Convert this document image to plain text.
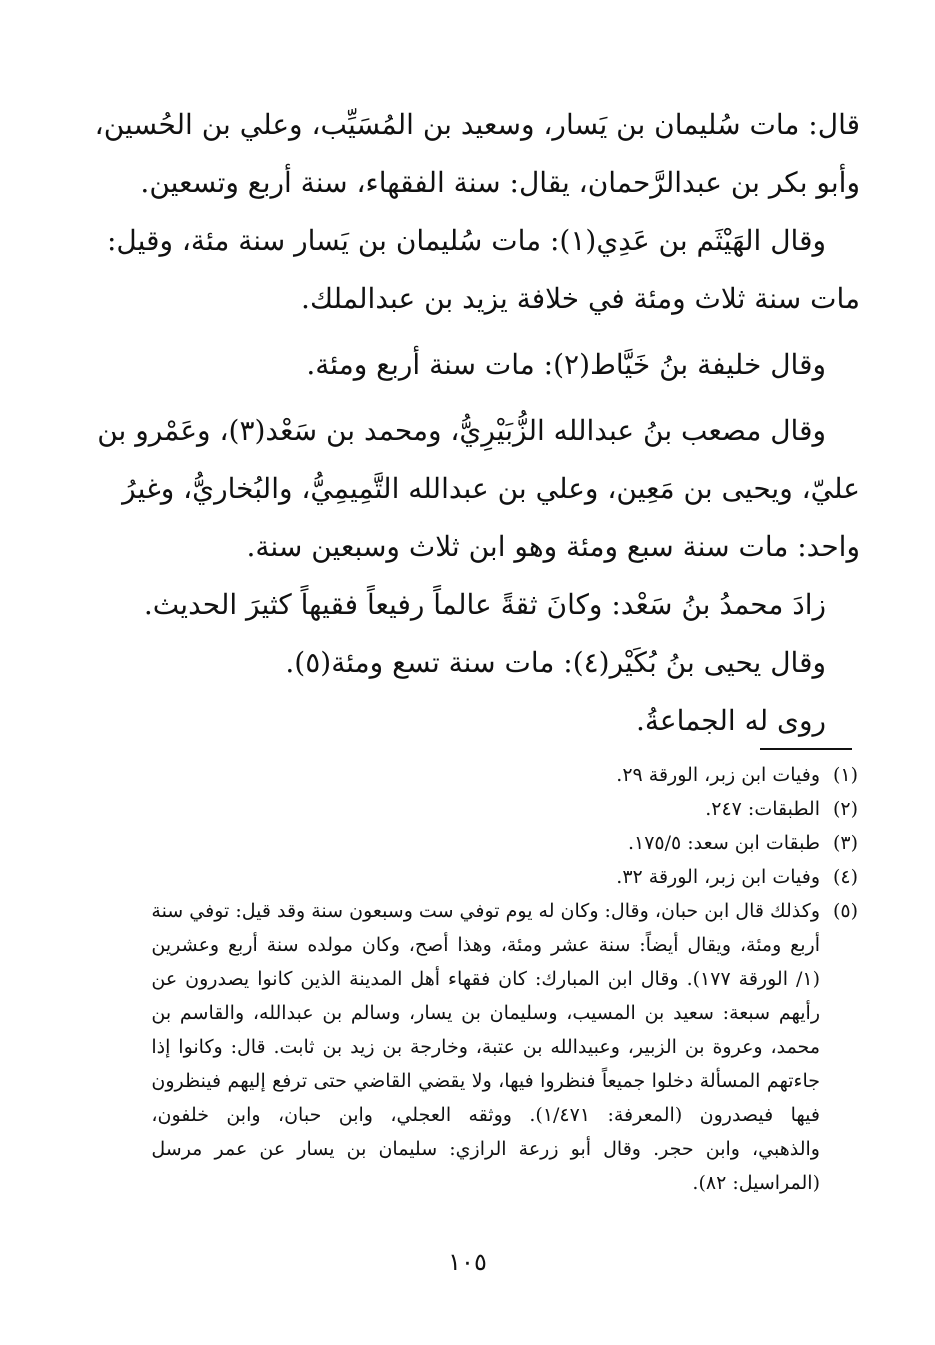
قال: مات سُليمان بن يَسار، وسعيد بن المُسَيِّب، وعلي بن الحُسين،
وأبو بكر بن عبدالرَّحمان، يقال: سنة الفقهاء، سنة أربع وتسعين.
وقال الهَيْثَم بن عَدِي(١): مات سُليمان بن يَسار سنة مئة، وقيل:
مات سنة ثلاث ومئة في خلافة يزيد بن عبدالملك.
وقال خليفة بنُ خَيَّاط(٢): مات سنة أربع ومئة.
وقال مصعب بنُ عبدالله الزُّبَيْرِيُّ، ومحمد بن سَعْد(٣)، وعَمْرو بن
عليّ، ويحيى بن مَعِين، وعلي بن عبدالله التَّمِيمِيُّ، والبُخاريُّ، وغيرُ
واحد: مات سنة سبع ومئة وهو ابن ثلاث وسبعين سنة.
زادَ محمدُ بنُ سَعْد: وكانَ ثقةً عالماً رفيعاً فقيهاً كثيرَ الحديث.
وقال يحيى بنُ بُكَيْر(٤): مات سنة تسع ومئة(٥).
روى له الجماعةُ.
(١)
وفيات ابن زبر، الورقة ٢٩.
(٢)
الطبقات: ٢٤٧.
(٣)
طبقات ابن سعد: ١٧٥/٥.
(٤)
وفيات ابن زبر، الورقة ٣٢.
(٥)
وكذلك قال ابن حبان، وقال: وكان له يوم توفي ست وسبعون سنة وقد قيل: توفي سنة
أربع ومئة، ويقال أيضاً: سنة عشر ومئة، وهذا أصح، وكان مولده سنة أربع وعشرين
(١/ الورقة ١٧٧). وقال ابن المبارك: كان فقهاء أهل المدينة الذين كانوا يصدرون عن
رأيهم سبعة: سعيد بن المسيب، وسليمان بن يسار، وسالم بن عبدالله، والقاسم بن
محمد، وعروة بن الزبير، وعبيدالله بن عتبة، وخارجة بن زيد بن ثابت. قال: وكانوا إذا
جاءتهم المسألة دخلوا جميعاً فنظروا فيها، ولا يقضي القاضي حتى ترفع إليهم فينظرون
فيها فيصدرون (المعرفة: ١/٤٧١). ووثقه العجلي، وابن حبان، وابن خلفون،
والذهبي، وابن حجر. وقال أبو زرعة الرازي: سليمان بن يسار عن عمر مرسل
(المراسيل: ٨٢).
١٠٥
